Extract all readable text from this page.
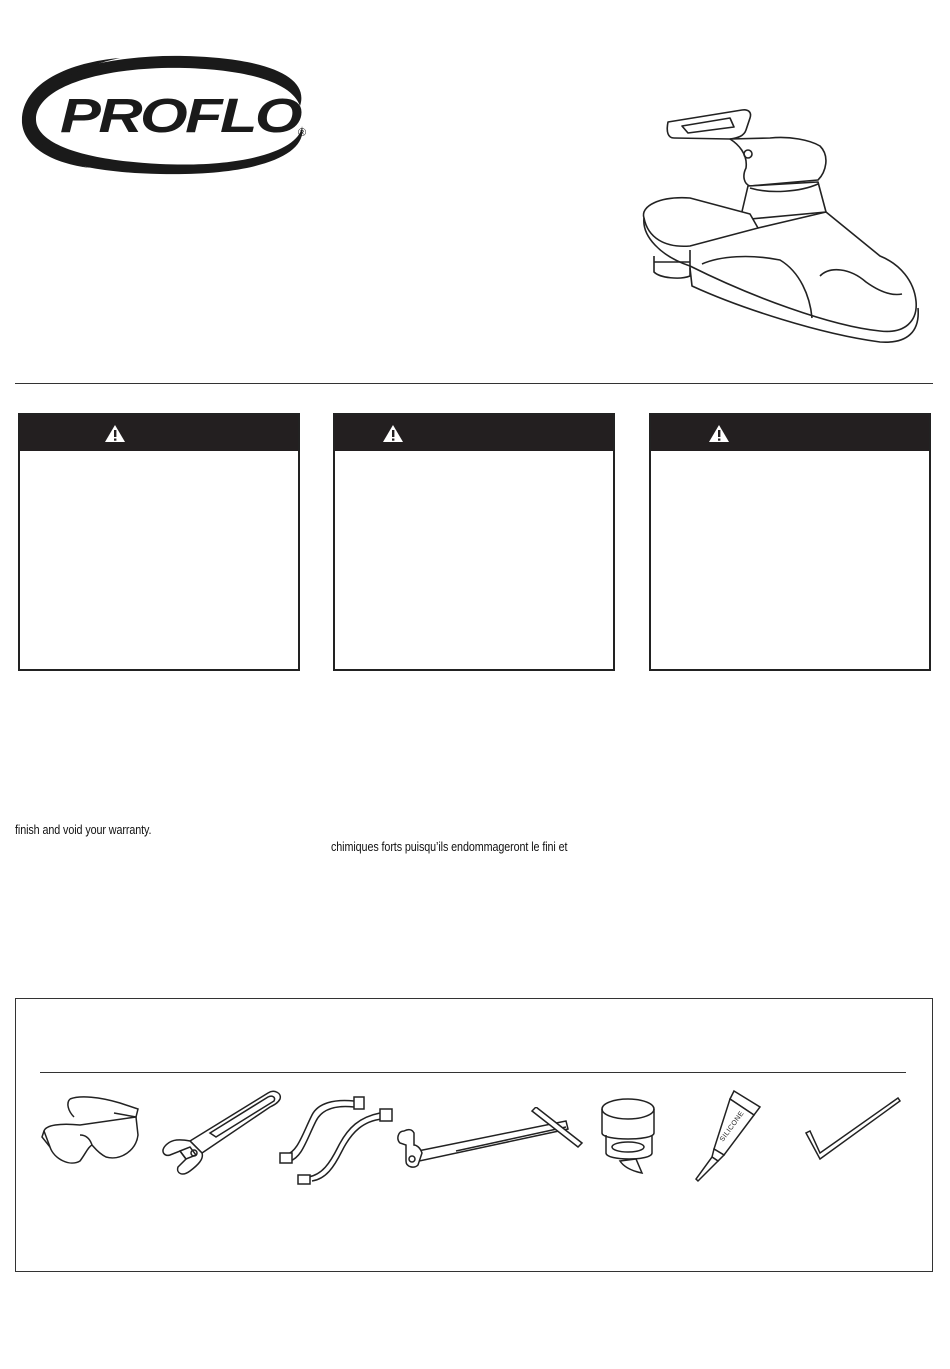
PROFLO
®
finish and void your warranty.
chimiques forts puisqu’ils endommageront le fini et
SILICONE
